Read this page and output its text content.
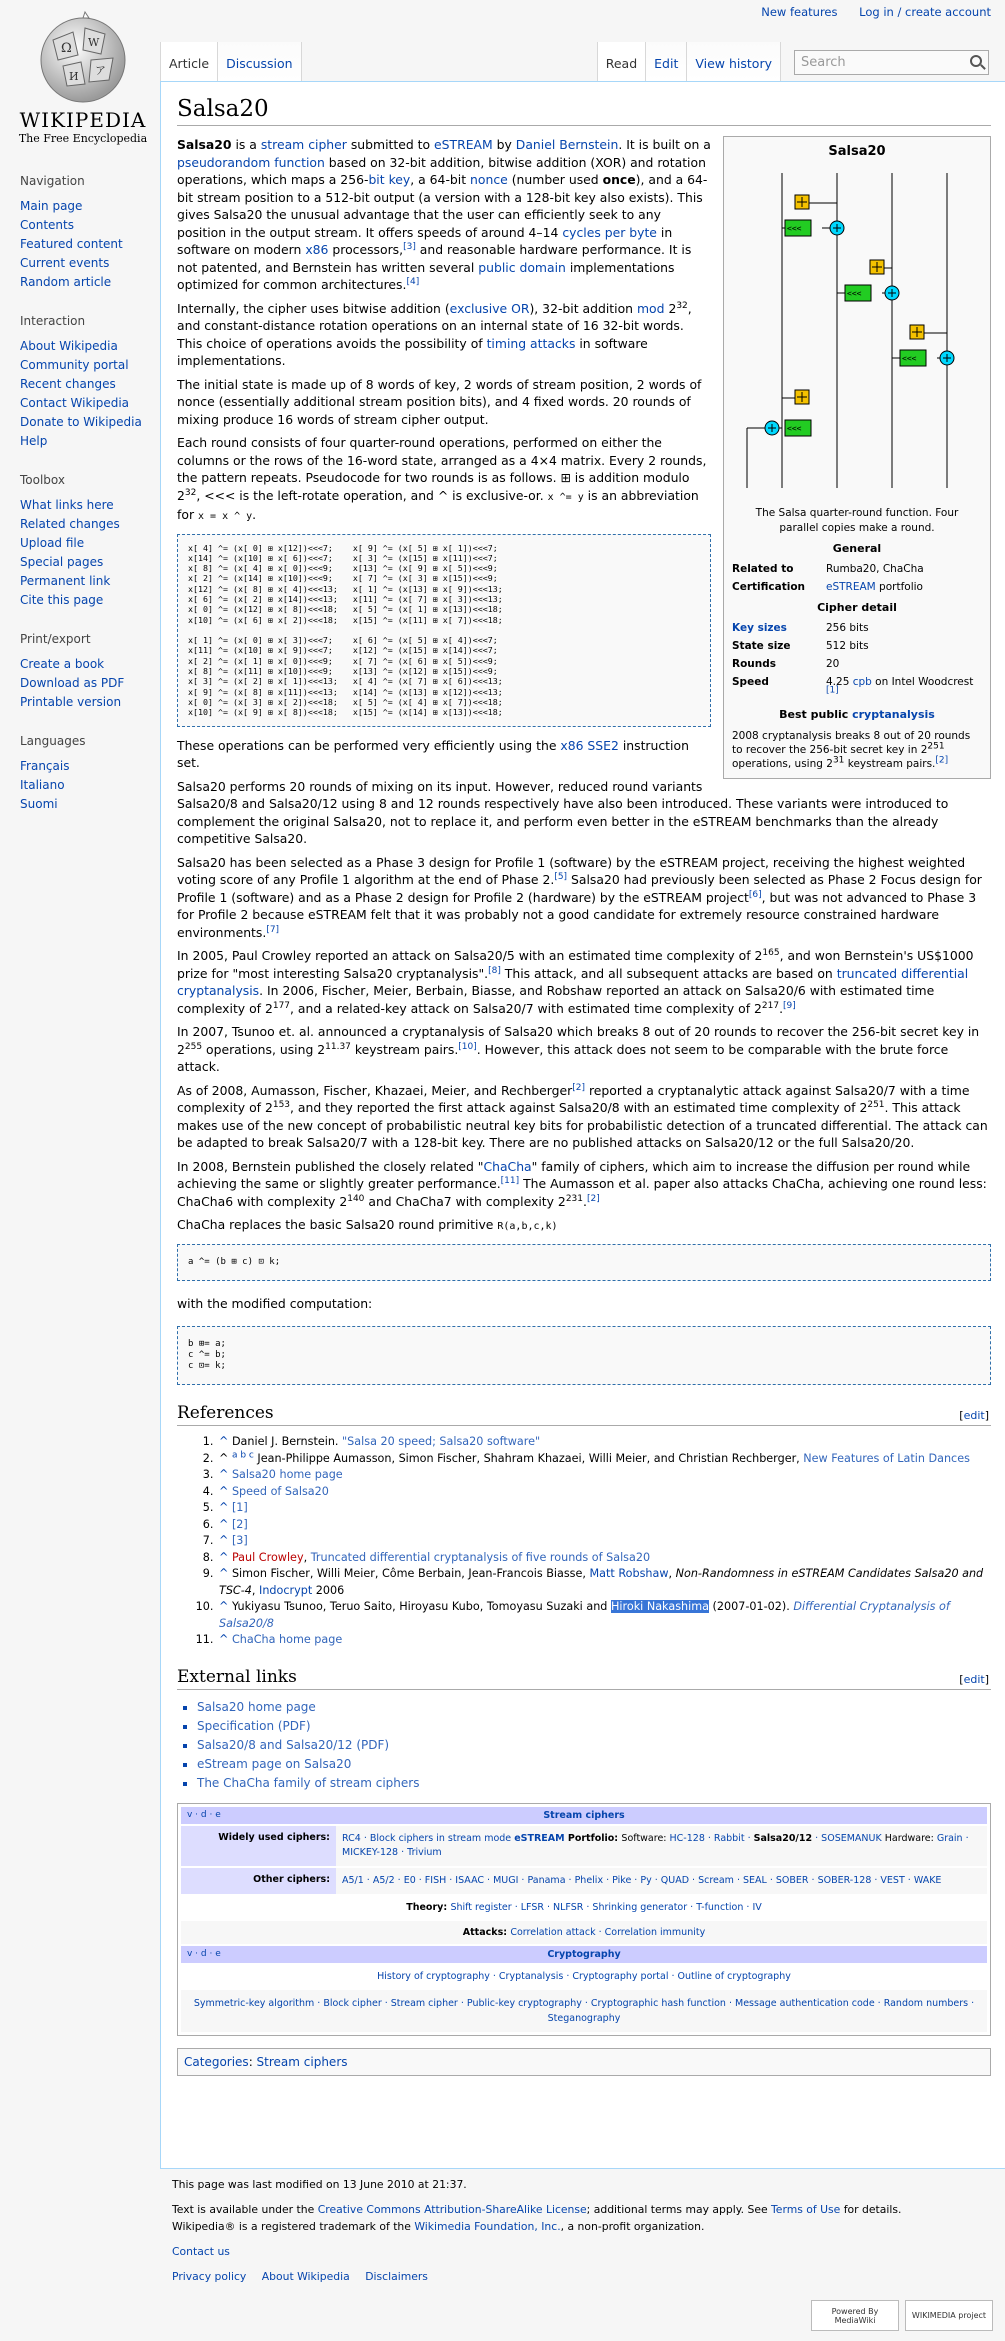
Ω W
И ア
WIKIPEDIA
The Free Encyclopedia
New features Log in / create account
Article	Discussion	Read	Edit	View history	Search
Navigation
Main page
Contents
Featured content
Current events
Random article
Interaction
About Wikipedia
Community portal
Recent changes
Contact Wikipedia
Donate to Wikipedia
Help
Toolbox
What links here
Related changes
Upload file
Special pages
Permanent link
Cite this page
Print/export
Create a book
Download as PDF
Printable version
Languages
Français
Italiano
Suomi
Salsa20
Salsa20
<<<
<<<
<<<
<<<
The Salsa quarter-round function. Four parallel copies make a round.
General
Related to	Rumba20, ChaCha
Certification	eSTREAM portfolio
Cipher detail
Key sizes	256 bits
State size	512 bits
Rounds	20
Speed	4.25 cpb on Intel Woodcrest [1]
Best public cryptanalysis
2008 cryptanalysis breaks 8 out of 20 rounds to recover the 256-bit secret key in $2^{251}$ operations, using $2^{31}$ keystream pairs.[2]

Salsa20 is a stream cipher submitted to eSTREAM by Daniel Bernstein. It is built on a pseudorandom function based on 32-bit addition, bitwise addition (XOR) and rotation operations, which maps a 256-bit key, a 64-bit nonce (number used once), and a 64-bit stream position to a 512-bit output (a version with a 128-bit key also exists). This gives Salsa20 the unusual advantage that the user can efficiently seek to any position in the output stream. It offers speeds of around 4–14 cycles per byte in software on modern x86 processors,[3] and reasonable hardware performance. It is not patented, and Bernstein has written several public domain implementations optimized for common architectures.[4]

Internally, the cipher uses bitwise addition (exclusive OR), 32-bit addition mod $2^{32}$, and constant-distance rotation operations on an internal state of 16 32-bit words. This choice of operations avoids the possibility of timing attacks in software implementations.

The initial state is made up of 8 words of key, 2 words of stream position, 2 words of nonce (essentially additional stream position bits), and 4 fixed words. 20 rounds of mixing produce 16 words of stream cipher output.

Each round consists of four quarter-round operations, performed on either the columns or the rows of the 16-word state, arranged as a 4×4 matrix. Every 2 rounds, the pattern repeats. Pseudocode for two rounds is as follows. ⊞ is addition modulo $2^{32}$, <<< is the left-rotate operation, and ^ is exclusive-or. x ^= y is an abbreviation for x = x ^ y.

x[ 4] ^= (x[ 0] ⊞ x[12])<<<7;    x[ 9] ^= (x[ 5] ⊞ x[ 1])<<<7;
x[14] ^= (x[10] ⊞ x[ 6])<<<7;    x[ 3] ^= (x[15] ⊞ x[11])<<<7;
x[ 8] ^= (x[ 4] ⊞ x[ 0])<<<9;    x[13] ^= (x[ 9] ⊞ x[ 5])<<<9;
x[ 2] ^= (x[14] ⊞ x[10])<<<9;    x[ 7] ^= (x[ 3] ⊞ x[15])<<<9;
x[12] ^= (x[ 8] ⊞ x[ 4])<<<13;   x[ 1] ^= (x[13] ⊞ x[ 9])<<<13;
x[ 6] ^= (x[ 2] ⊞ x[14])<<<13;   x[11] ^= (x[ 7] ⊞ x[ 3])<<<13;
x[ 0] ^= (x[12] ⊞ x[ 8])<<<18;   x[ 5] ^= (x[ 1] ⊞ x[13])<<<18;
x[10] ^= (x[ 6] ⊞ x[ 2])<<<18;   x[15] ^= (x[11] ⊞ x[ 7])<<<18;

x[ 1] ^= (x[ 0] ⊞ x[ 3])<<<7;    x[ 6] ^= (x[ 5] ⊞ x[ 4])<<<7;
x[11] ^= (x[10] ⊞ x[ 9])<<<7;    x[12] ^= (x[15] ⊞ x[14])<<<7;
x[ 2] ^= (x[ 1] ⊞ x[ 0])<<<9;    x[ 7] ^= (x[ 6] ⊞ x[ 5])<<<9;
x[ 8] ^= (x[11] ⊞ x[10])<<<9;    x[13] ^= (x[12] ⊞ x[15])<<<9;
x[ 3] ^= (x[ 2] ⊞ x[ 1])<<<13;   x[ 4] ^= (x[ 7] ⊞ x[ 6])<<<13;
x[ 9] ^= (x[ 8] ⊞ x[11])<<<13;   x[14] ^= (x[13] ⊞ x[12])<<<13;
x[ 0] ^= (x[ 3] ⊞ x[ 2])<<<18;   x[ 5] ^= (x[ 4] ⊞ x[ 7])<<<18;
x[10] ^= (x[ 9] ⊞ x[ 8])<<<18;   x[15] ^= (x[14] ⊞ x[13])<<<18;

These operations can be performed very efficiently using the x86 SSE2 instruction set.

Salsa20 performs 20 rounds of mixing on its input. However, reduced round variants Salsa20/8 and Salsa20/12 using 8 and 12 rounds respectively have also been introduced. These variants were introduced to complement the original Salsa20, not to replace it, and perform even better in the eSTREAM benchmarks than the already competitive Salsa20.

Salsa20 has been selected as a Phase 3 design for Profile 1 (software) by the eSTREAM project, receiving the highest weighted voting score of any Profile 1 algorithm at the end of Phase 2.[5] Salsa20 had previously been selected as Phase 2 Focus design for Profile 1 (software) and as a Phase 2 design for Profile 2 (hardware) by the eSTREAM project[6], but was not advanced to Phase 3 for Profile 2 because eSTREAM felt that it was probably not a good candidate for extremely resource constrained hardware environments.[7]

In 2005, Paul Crowley reported an attack on Salsa20/5 with an estimated time complexity of $2^{165}$, and won Bernstein's US$1000 prize for "most interesting Salsa20 cryptanalysis".[8] This attack, and all subsequent attacks are based on truncated differential cryptanalysis. In 2006, Fischer, Meier, Berbain, Biasse, and Robshaw reported an attack on Salsa20/6 with estimated time complexity of $2^{177}$, and a related-key attack on Salsa20/7 with estimated time complexity of $2^{217}.[9]$

In 2007, Tsunoo et. al. announced a cryptanalysis of Salsa20 which breaks 8 out of 20 rounds to recover the 256-bit secret key in $2^{255}$ operations, using $2^{11.37}$ keystream pairs.[10]. However, this attack does not seem to be comparable with the brute force attack.

As of 2008, Aumasson, Fischer, Khazaei, Meier, and Rechberger[2] reported a cryptanalytic attack against Salsa20/7 with a time complexity of $2^{153}$, and they reported the first attack against Salsa20/8 with an estimated time complexity of $2^{251}$. This attack makes use of the new concept of probabilistic neutral key bits for probabilistic detection of a truncated differential. The attack can be adapted to break Salsa20/7 with a 128-bit key. There are no published attacks on Salsa20/12 or the full Salsa20/20.

In 2008, Bernstein published the closely related "ChaCha" family of ciphers, which aim to increase the diffusion per round while achieving the same or slightly greater performance.[11] The Aumasson et al. paper also attacks ChaCha, achieving one round less: ChaCha6 with complexity $2^{140}$ and ChaCha7 with complexity $2^{231}.[2]$

ChaCha replaces the basic Salsa20 round primitive R(a,b,c,k)

a ^= (b ⊞ c) ⊡ k;

with the modified computation:

b ⊞= a;
c ^= b;
c ⊡= k;
References	[edit]
1. ^ Daniel J. Bernstein. "Salsa 20 speed; Salsa20 software"
2. ^ $^{a b c}$ Jean-Philippe Aumasson, Simon Fischer, Shahram Khazaei, Willi Meier, and Christian Rechberger, New Features of Latin Dances
3. ^ Salsa20 home page
4. ^ Speed of Salsa20
5. ^ [1]
6. ^ [2]
7. ^ [3]
8. ^ Paul Crowley, Truncated differential cryptanalysis of five rounds of Salsa20
9. ^ Simon Fischer, Willi Meier, Côme Berbain, Jean-Francois Biasse, Matt Robshaw, Non-Randomness in eSTREAM Candidates Salsa20 and TSC-4, Indocrypt 2006
10. ^ Yukiyasu Tsunoo, Teruo Saito, Hiroyasu Kubo, Tomoyasu Suzaki and Hiroki Nakashima (2007-01-02). Differential Cryptanalysis of Salsa20/8
11. ^ ChaCha home page
External links	[edit]
▪ Salsa20 home page
▪ Specification (PDF)
▪ Salsa20/8 and Salsa20/12 (PDF)
▪ eStream page on Salsa20
▪ The ChaCha family of stream ciphers
v · d · e	Stream ciphers
Widely used ciphers:	RC4 · Block ciphers in stream mode eSTREAM Portfolio: Software: HC-128 · Rabbit · Salsa20/12 · SOSEMANUK Hardware: Grain · MICKEY-128 · Trivium
Other ciphers:	A5/1 · A5/2 · E0 · FISH · ISAAC · MUGI · Panama · Phelix · Pike · Py · QUAD · Scream · SEAL · SOBER · SOBER-128 · VEST · WAKE
Theory: Shift register · LFSR · NLFSR · Shrinking generator · T-function · IV
Attacks: Correlation attack · Correlation immunity
v · d · e	Cryptography
History of cryptography · Cryptanalysis · Cryptography portal · Outline of cryptography
Symmetric-key algorithm · Block cipher · Stream cipher · Public-key cryptography · Cryptographic hash function · Message authentication code · Random numbers · Steganography
Categories: Stream ciphers
This page was last modified on 13 June 2010 at 21:37.
Text is available under the Creative Commons Attribution-ShareAlike License; additional terms may apply. See Terms of Use for details.
Wikipedia® is a registered trademark of the Wikimedia Foundation, Inc., a non-profit organization.
Contact us
Privacy policy About Wikipedia Disclaimers
Powered By MediaWiki	WIKIMEDIA project
